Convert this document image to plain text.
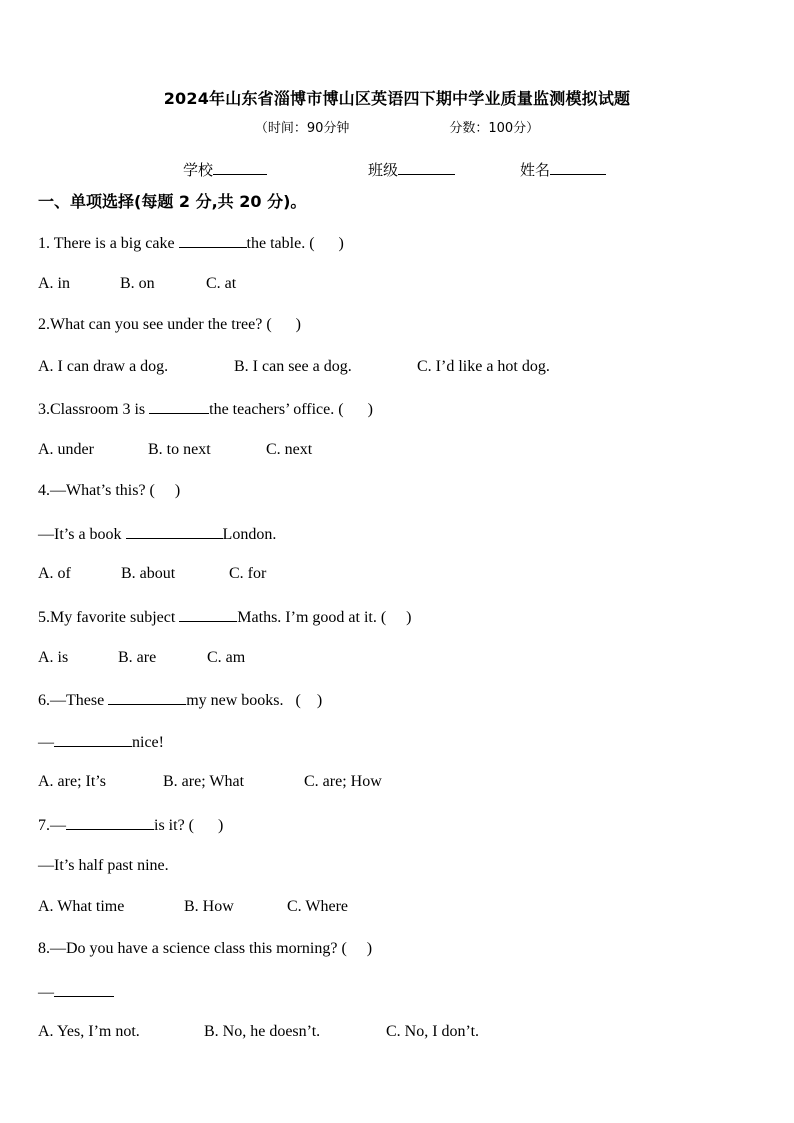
2024年山东省淄博市博山区英语四下期中学业质量监测模拟试题
（时间：90分钟	分数：100分）
学校	班级	姓名
一、单项选择(每题 2 分,共 20 分)。
1. There is a big cake	the table. (      )
A. in	B. on	C. at
2.What can you see under the tree? (      )
A. I can draw a dog.	B. I can see a dog.	C. I’d like a hot dog.
3.Classroom 3 is	the teachers’ office. (      )
A. under	B. to next	C. next
4.—What’s this? (     )
—It’s a book	London.
A. of	B. about	C. for
5.My favorite subject	Maths. I’m good at it. (     )
A. is	B. are	C. am
6.—These	my new books.   (    )
—	nice!
A. are; It’s	B. are; What	C. are; How
7.—	is it? (      )
—It’s half past nine.
A. What time	B. How	C. Where
8.—Do you have a science class this morning? (     )
—
A. Yes, I’m not.	B. No, he doesn’t.	C. No, I don’t.
